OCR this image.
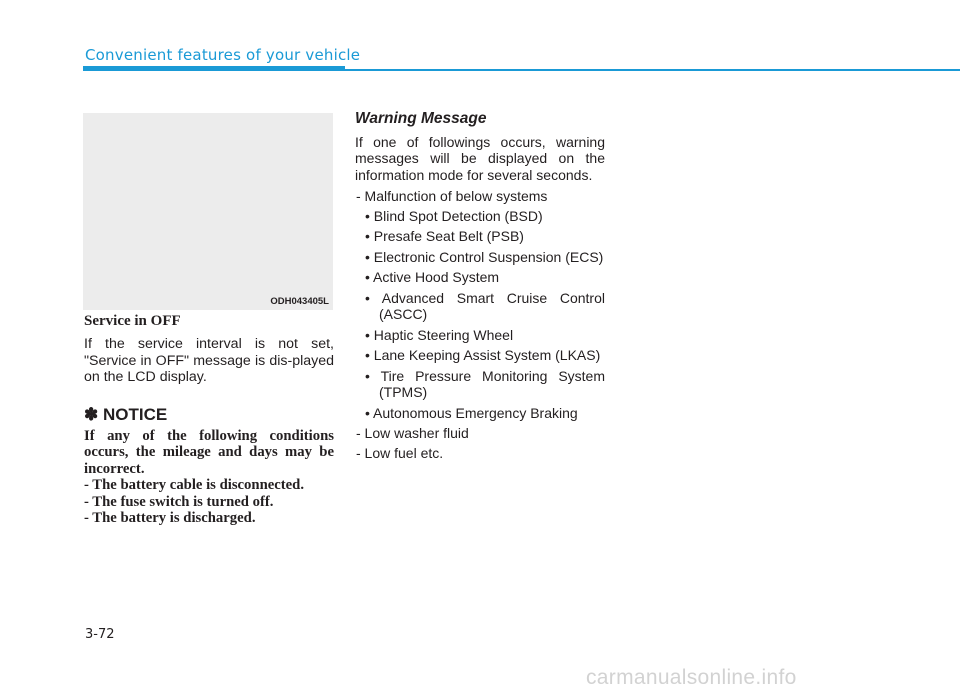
Convenient features of your vehicle
ODH043405L

Service in OFF

If the service interval is not set, "Service in OFF" message is dis-played on the LCD display.

✽ NOTICE

If any of the following conditions occurs, the mileage and days may be incorrect.

- The battery cable is disconnected.

- The fuse switch is turned off.

- The battery is discharged.

Warning Message

If one of followings occurs, warning messages will be displayed on the information mode for several seconds.

- Malfunction of below systems

• Blind Spot Detection (BSD)

• Presafe Seat Belt (PSB)

• Electronic Control Suspension (ECS)

• Active Hood System

• Advanced Smart Cruise Control (ASCC)

• Haptic Steering Wheel

• Lane Keeping Assist System (LKAS)

• Tire Pressure Monitoring System (TPMS)

• Autonomous Emergency Braking

- Low washer fluid

- Low fuel etc.

3-72
carmanualsonline.info
